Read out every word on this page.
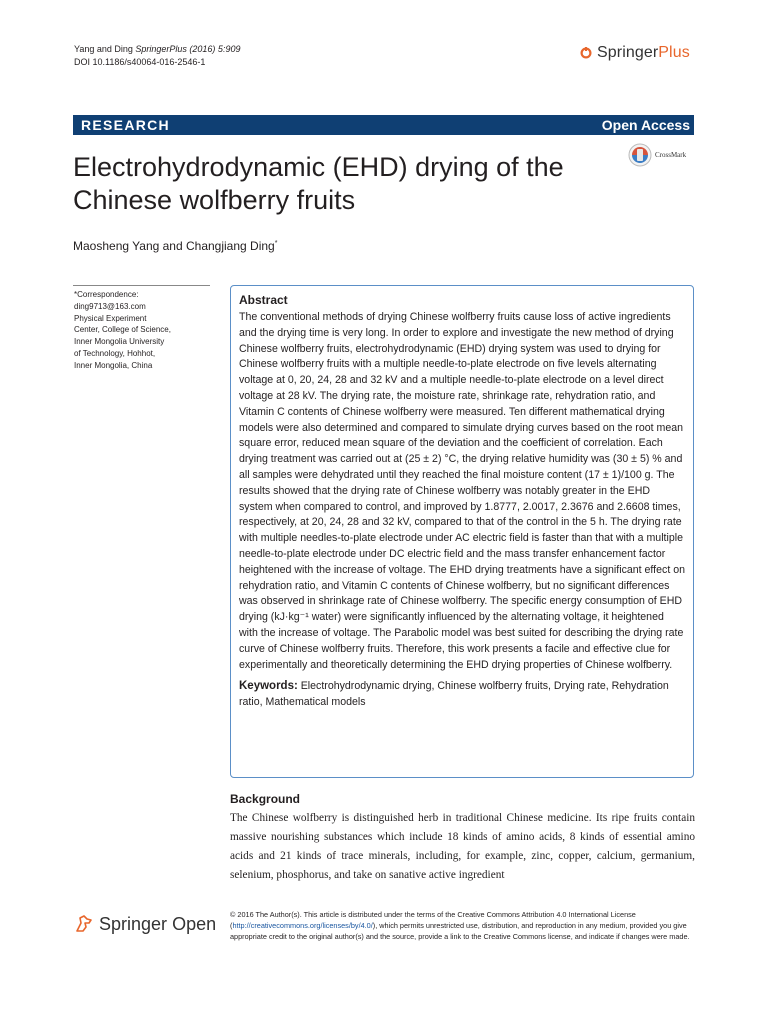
Yang and Ding SpringerPlus (2016) 5:909
DOI 10.1186/s40064-016-2546-1
SpringerPlus
RESEARCH	Open Access
Electrohydrodynamic (EHD) drying of the Chinese wolfberry fruits
CrossMark
Maosheng Yang and Changjiang Ding*
*Correspondence:
ding9713@163.com
Physical Experiment
Center, College of Science,
Inner Mongolia University
of Technology, Hohhot,
Inner Mongolia, China
Abstract
The conventional methods of drying Chinese wolfberry fruits cause loss of active ingredients and the drying time is very long. In order to explore and investigate the new method of drying Chinese wolfberry fruits, electrohydrodynamic (EHD) drying system was used to drying for Chinese wolfberry fruits with a multiple needle-to-plate electrode on five levels alternating voltage at 0, 20, 24, 28 and 32 kV and a multiple needle-to-plate electrode on a level direct voltage at 28 kV. The drying rate, the moisture rate, shrinkage rate, rehydration ratio, and Vitamin C contents of Chinese wolfberry were measured. Ten different mathematical drying models were also determined and compared to simulate drying curves based on the root mean square error, reduced mean square of the deviation and the coefficient of correlation. Each drying treatment was carried out at (25 ± 2) °C, the drying relative humidity was (30 ± 5) % and all samples were dehydrated until they reached the final moisture content (17 ± 1)/100 g. The results showed that the drying rate of Chinese wolfberry was notably greater in the EHD system when compared to control, and improved by 1.8777, 2.0017, 2.3676 and 2.6608 times, respectively, at 20, 24, 28 and 32 kV, compared to that of the control in the 5 h. The drying rate with multiple needles-to-plate electrode under AC electric field is faster than that with a multiple needle-to-plate electrode under DC electric field and the mass transfer enhancement factor heightened with the increase of voltage. The EHD drying treatments have a significant effect on rehydration ratio, and Vitamin C contents of Chinese wolfberry, but no significant differences was observed in shrinkage rate of Chinese wolfberry. The specific energy consumption of EHD drying (kJ·kg⁻¹ water) were significantly influenced by the alternating voltage, it heightened with the increase of voltage. The Parabolic model was best suited for describing the drying rate curve of Chinese wolfberry fruits. Therefore, this work presents a facile and effective clue for experimentally and theoretically determining the EHD drying properties of Chinese wolfberry.
Keywords: Electrohydrodynamic drying, Chinese wolfberry fruits, Drying rate, Rehydration ratio, Mathematical models
Background

The Chinese wolfberry is distinguished herb in traditional Chinese medicine. Its ripe fruits contain massive nourishing substances which include 18 kinds of amino acids, 8 kinds of essential amino acids and 21 kinds of trace minerals, including, for example, zinc, copper, calcium, germanium, selenium, phosphorus, and take on sanative active ingredient

Springer Open © 2016 The Author(s). This article is distributed under the terms of the Creative Commons Attribution 4.0 International License (http://creativecommons.org/licenses/by/4.0/), which permits unrestricted use, distribution, and reproduction in any medium, provided you give appropriate credit to the original author(s) and the source, provide a link to the Creative Commons license, and indicate if changes were made.
